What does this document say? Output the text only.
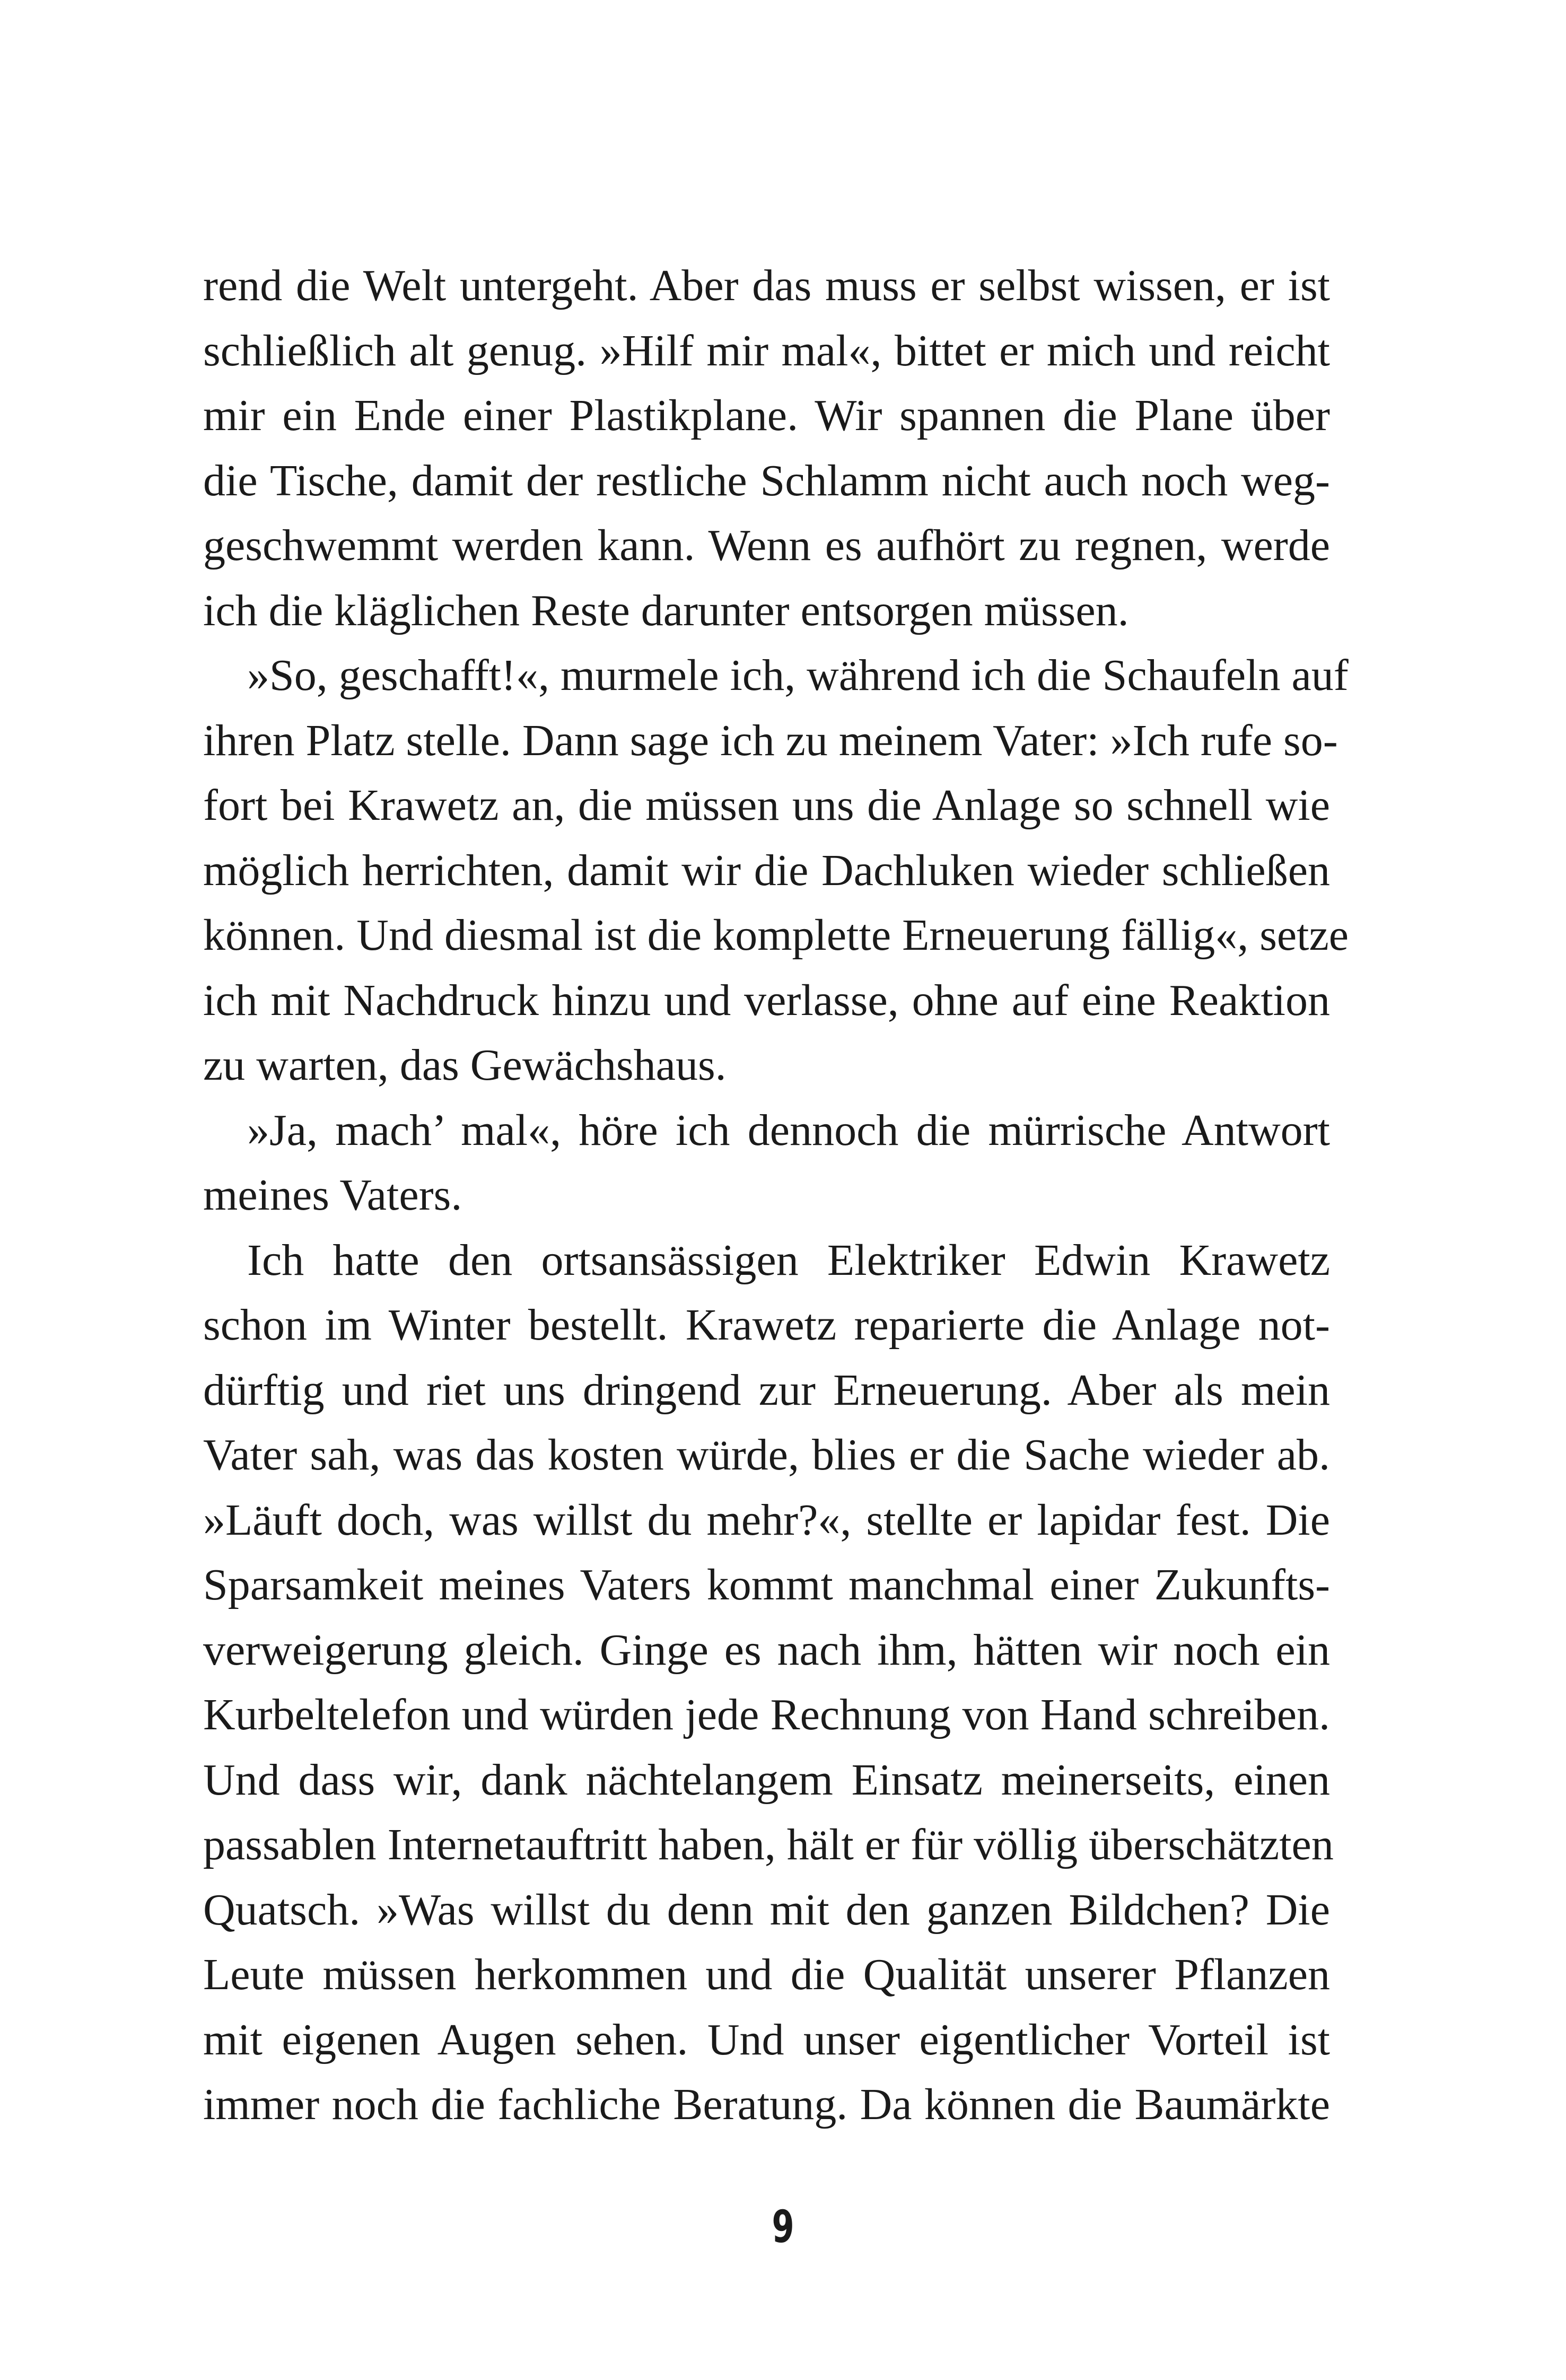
rend die Welt untergeht. Aber das muss er selbst wissen, er ist
schließlich alt genug. »Hilf mir mal«, bittet er mich und reicht
mir ein Ende einer Plastikplane. Wir spannen die Plane über
die Tische, damit der restliche Schlamm nicht auch noch weg-
geschwemmt werden kann. Wenn es aufhört zu regnen, werde
ich die kläglichen Reste darunter entsorgen müssen.
»So, geschafft!«, murmele ich, während ich die Schaufeln auf
ihren Platz stelle. Dann sage ich zu meinem Vater: »Ich rufe so-
fort bei Krawetz an, die müssen uns die Anlage so schnell wie
möglich herrichten, damit wir die Dachluken wieder schließen
können. Und diesmal ist die komplette Erneuerung fällig«, setze
ich mit Nachdruck hinzu und verlasse, ohne auf eine Reaktion
zu warten, das Gewächshaus.
»Ja, mach’ mal«, höre ich dennoch die mürrische Antwort
meines Vaters.
Ich hatte den ortsansässigen Elektriker Edwin Krawetz
schon im Winter bestellt. Krawetz reparierte die Anlage not-
dürftig und riet uns dringend zur Erneuerung. Aber als mein
Vater sah, was das kosten würde, blies er die Sache wieder ab.
»Läuft doch, was willst du mehr?«, stellte er lapidar fest. Die
Sparsamkeit meines Vaters kommt manchmal einer Zukunfts-
verweigerung gleich. Ginge es nach ihm, hätten wir noch ein
Kurbeltelefon und würden jede Rechnung von Hand schreiben.
Und dass wir, dank nächtelangem Einsatz meinerseits, einen
passablen Internetauftritt haben, hält er für völlig überschätzten
Quatsch. »Was willst du denn mit den ganzen Bildchen? Die
Leute müssen herkommen und die Qualität unserer Pflanzen
mit eigenen Augen sehen. Und unser eigentlicher Vorteil ist
immer noch die fachliche Beratung. Da können die Baumärkte
9
